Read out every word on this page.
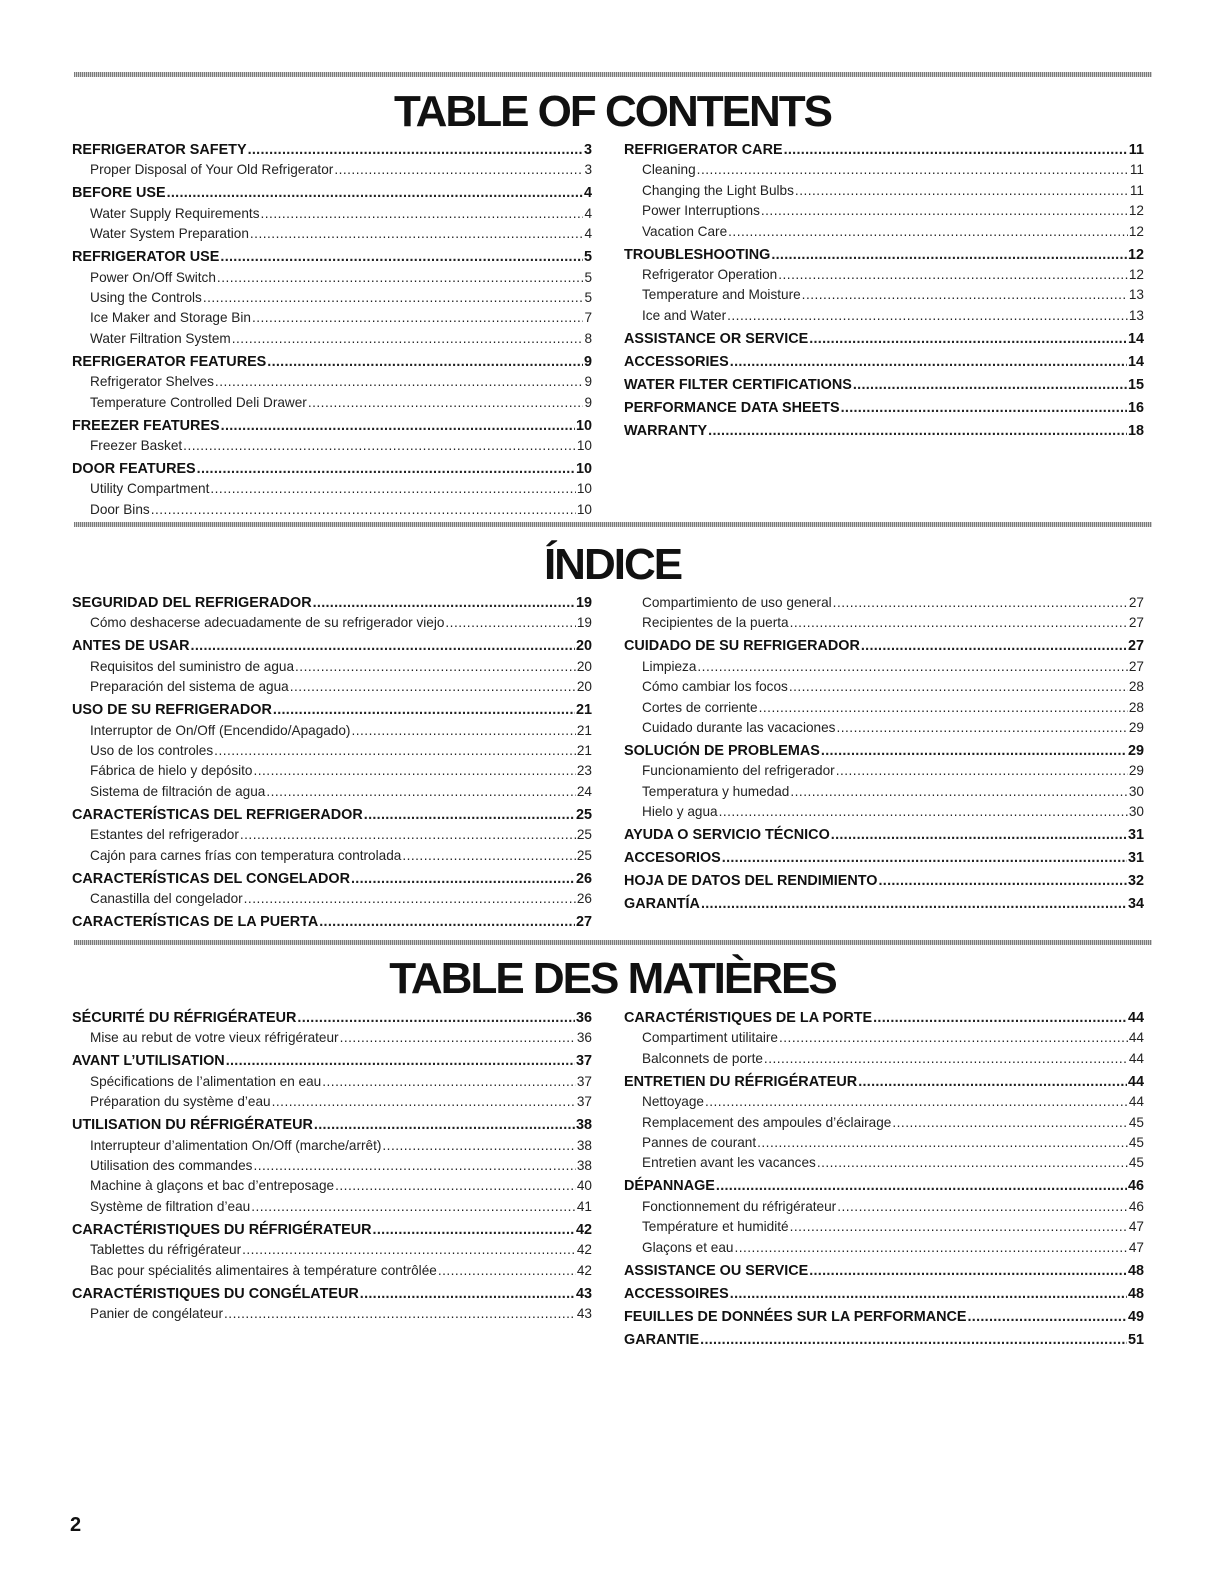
TABLE OF CONTENTS
REFRIGERATOR SAFETY .....	3
Proper Disposal of Your Old Refrigerator .....	3
BEFORE USE .....	4
Water Supply Requirements .....	4
Water System Preparation .....	4
REFRIGERATOR USE .....	5
Power On/Off Switch .....	5
Using the Controls .....	5
Ice Maker and Storage Bin .....	7
Water Filtration System .....	8
REFRIGERATOR FEATURES .....	9
Refrigerator Shelves .....	9
Temperature Controlled Deli Drawer .....	9
FREEZER FEATURES .....	10
Freezer Basket .....	10
DOOR FEATURES .....	10
Utility Compartment .....	10
Door Bins .....	10
REFRIGERATOR CARE .....	11
Cleaning .....	11
Changing the Light Bulbs .....	11
Power Interruptions .....	12
Vacation Care .....	12
TROUBLESHOOTING .....	12
Refrigerator Operation .....	12
Temperature and Moisture .....	13
Ice and Water .....	13
ASSISTANCE OR SERVICE .....	14
ACCESSORIES .....	14
WATER FILTER CERTIFICATIONS .....	15
PERFORMANCE DATA SHEETS .....	16
WARRANTY .....	18
ÍNDICE
SEGURIDAD DEL REFRIGERADOR .....	19
Cómo deshacerse adecuadamente de su refrigerador viejo .....	19
ANTES DE USAR .....	20
Requisitos del suministro de agua .....	20
Preparación del sistema de agua .....	20
USO DE SU REFRIGERADOR .....	21
Interruptor de On/Off (Encendido/Apagado) .....	21
Uso de los controles .....	21
Fábrica de hielo y depósito .....	23
Sistema de filtración de agua .....	24
CARACTERÍSTICAS DEL REFRIGERADOR .....	25
Estantes del refrigerador .....	25
Cajón para carnes frías con temperatura controlada .....	25
CARACTERÍSTICAS DEL CONGELADOR .....	26
Canastilla del congelador .....	26
CARACTERÍSTICAS DE LA PUERTA .....	27
Compartimiento de uso general .....	27
Recipientes de la puerta .....	27
CUIDADO DE SU REFRIGERADOR .....	27
Limpieza .....	27
Cómo cambiar los focos .....	28
Cortes de corriente .....	28
Cuidado durante las vacaciones .....	29
SOLUCIÓN DE PROBLEMAS .....	29
Funcionamiento del refrigerador .....	29
Temperatura y humedad .....	30
Hielo y agua .....	30
AYUDA O SERVICIO TÉCNICO .....	31
ACCESORIOS .....	31
HOJA DE DATOS DEL RENDIMIENTO .....	32
GARANTÍA .....	34
TABLE DES MATIÈRES
SÉCURITÉ DU RÉFRIGÉRATEUR .....	36
Mise au rebut de votre vieux réfrigérateur .....	36
AVANT L’UTILISATION .....	37
Spécifications de l’alimentation en eau .....	37
Préparation du système d’eau .....	37
UTILISATION DU RÉFRIGÉRATEUR .....	38
Interrupteur d’alimentation On/Off (marche/arrêt) .....	38
Utilisation des commandes .....	38
Machine à glaçons et bac d’entreposage .....	40
Système de filtration d’eau .....	41
CARACTÉRISTIQUES DU RÉFRIGÉRATEUR .....	42
Tablettes du réfrigérateur .....	42
Bac pour spécialités alimentaires à température contrôlée .....	42
CARACTÉRISTIQUES DU CONGÉLATEUR .....	43
Panier de congélateur .....	43
CARACTÉRISTIQUES DE LA PORTE .....	44
Compartiment utilitaire .....	44
Balconnets de porte .....	44
ENTRETIEN DU RÉFRIGÉRATEUR .....	44
Nettoyage .....	44
Remplacement des ampoules d’éclairage .....	45
Pannes de courant .....	45
Entretien avant les vacances .....	45
DÉPANNAGE .....	46
Fonctionnement du réfrigérateur .....	46
Température et humidité .....	47
Glaçons et eau .....	47
ASSISTANCE OU SERVICE .....	48
ACCESSOIRES .....	48
FEUILLES DE DONNÉES SUR LA PERFORMANCE .....	49
GARANTIE .....	51
2
